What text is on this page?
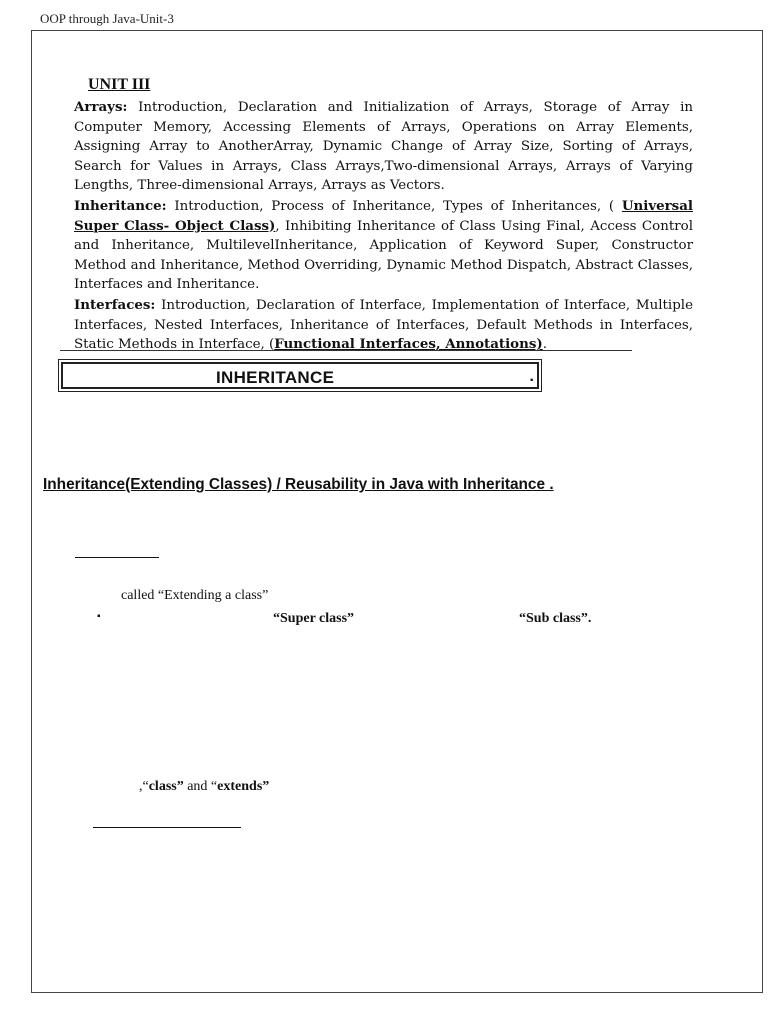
OOP through Java-Unit-3
UNIT III

Arrays: Introduction, Declaration and Initialization of Arrays, Storage of Array in Computer Memory, Accessing Elements of Arrays, Operations on Array Elements, Assigning Array to AnotherArray, Dynamic Change of Array Size, Sorting of Arrays, Search for Values in Arrays, Class Arrays,Two-dimensional Arrays, Arrays of Varying Lengths, Three-dimensional Arrays, Arrays as Vectors.

Inheritance: Introduction, Process of Inheritance, Types of Inheritances, ( Universal Super Class- Object Class), Inhibiting Inheritance of Class Using Final, Access Control and Inheritance, MultilevelInheritance, Application of Keyword Super, Constructor Method and Inheritance, Method Overriding, Dynamic Method Dispatch, Abstract Classes, Interfaces and Inheritance.

Interfaces: Introduction, Declaration of Interface, Implementation of Interface, Multiple Interfaces, Nested Interfaces, Inheritance of Interfaces, Default Methods in Interfaces, Static Methods in Interface, (Functional Interfaces, Annotations).

INHERITANCE	.
Inheritance(Extending Classes) / Reusability in Java with Inheritance .
called “Extending a class”
▪	“Super class”	“Sub class”.
,“class” and “extends”
